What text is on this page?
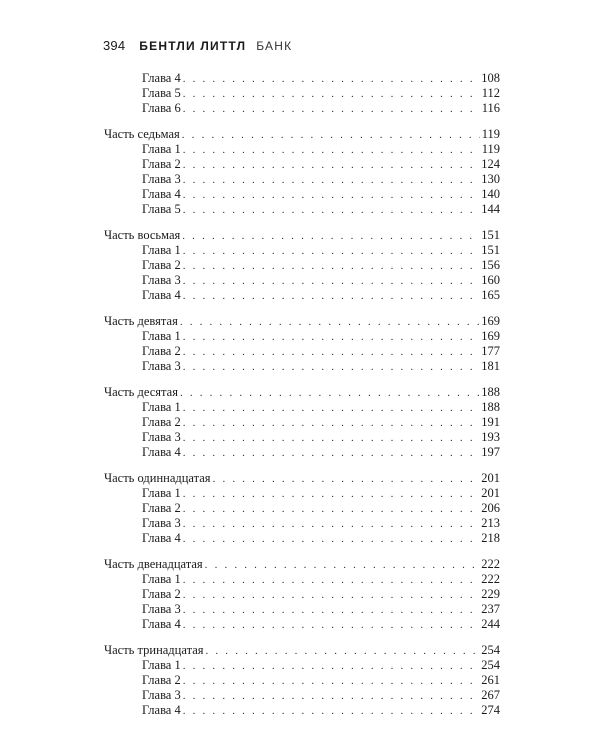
394 БЕНТЛИ ЛИТТЛ БАНК
Глава 4 . . .	108
Глава 5 . . .	112
Глава 6 . . .	116
Часть седьмая . . .	119
Глава 1 . . .	119
Глава 2 . . .	124
Глава 3 . . .	130
Глава 4 . . .	140
Глава 5 . . .	144
Часть восьмая . . .	151
Глава 1 . . .	151
Глава 2 . . .	156
Глава 3 . . .	160
Глава 4 . . .	165
Часть девятая . . .	169
Глава 1 . . .	169
Глава 2 . . .	177
Глава 3 . . .	181
Часть десятая . . .	188
Глава 1 . . .	188
Глава 2 . . .	191
Глава 3 . . .	193
Глава 4 . . .	197
Часть одиннадцатая . . .	201
Глава 1 . . .	201
Глава 2 . . .	206
Глава 3 . . .	213
Глава 4 . . .	218
Часть двенадцатая . . .	222
Глава 1 . . .	222
Глава 2 . . .	229
Глава 3 . . .	237
Глава 4 . . .	244
Часть тринадцатая . . .	254
Глава 1 . . .	254
Глава 2 . . .	261
Глава 3 . . .	267
Глава 4 . . .	274
